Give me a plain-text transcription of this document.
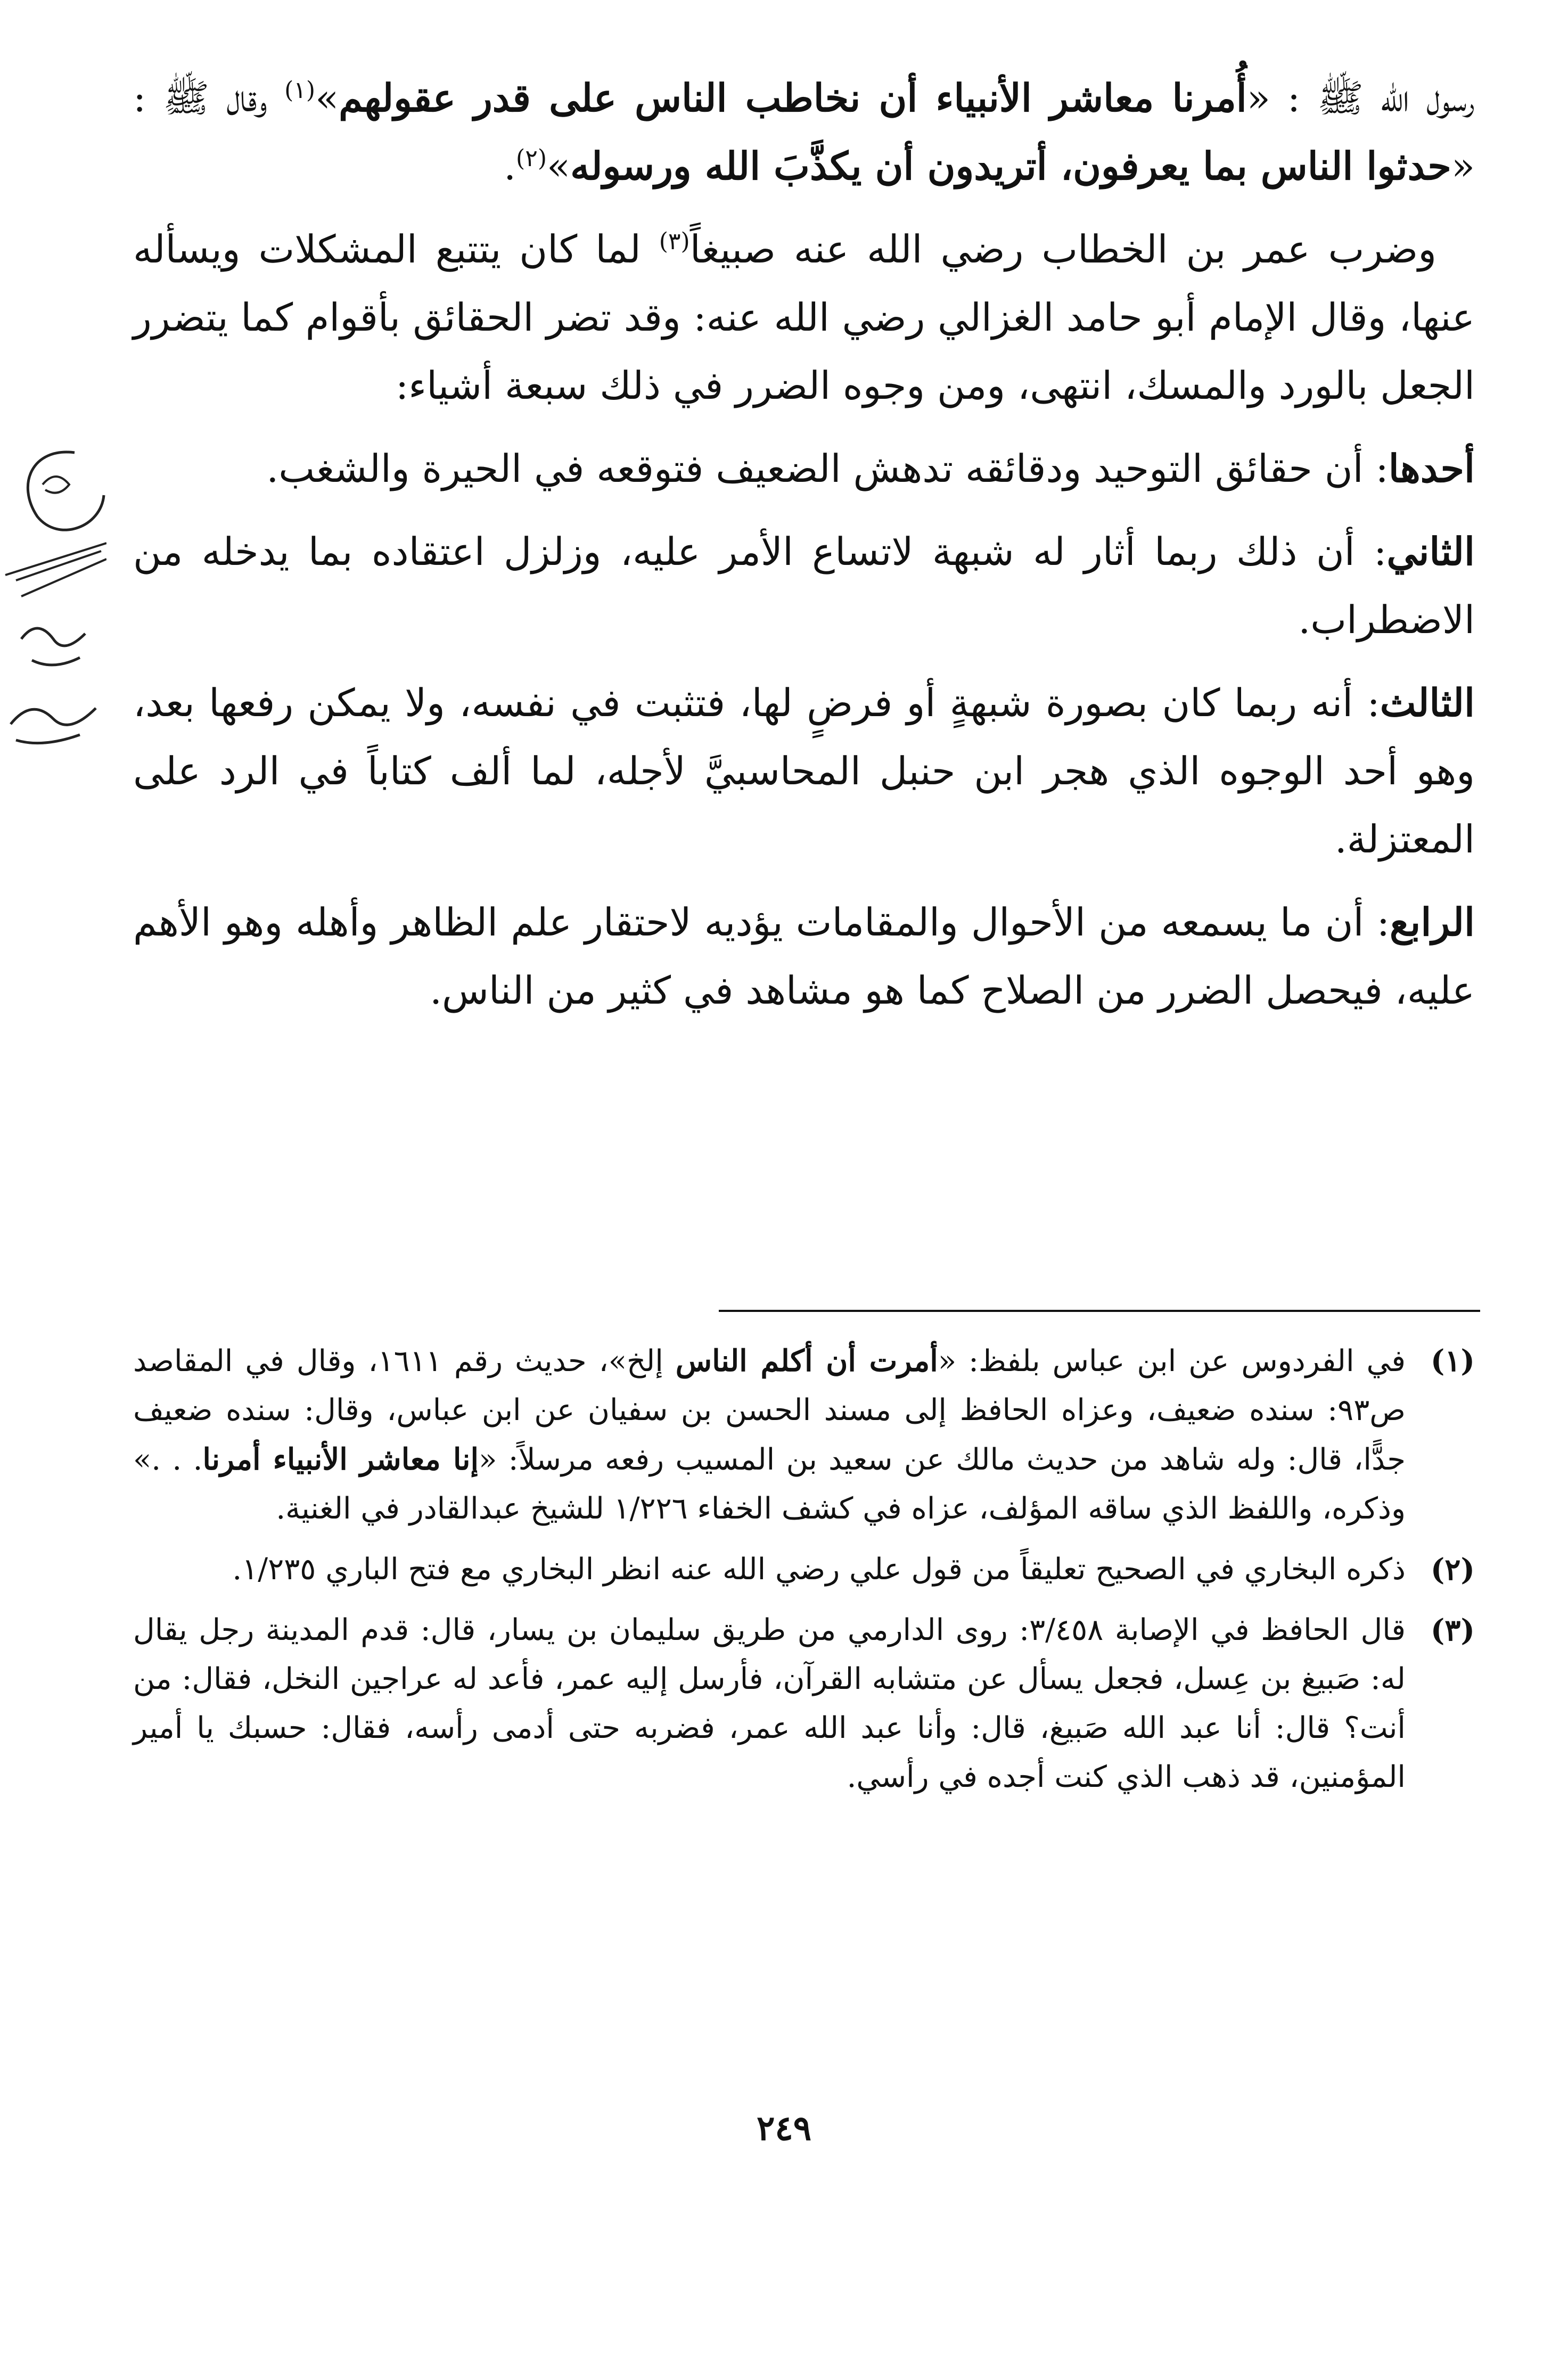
رسول الله ﷺ : «أُمرنا معاشر الأنبياء أن نخاطب الناس على قدر عقولهم»$^{(١)}$ وقال ﷺ : «حدثوا الناس بما يعرفون، أتريدون أن يكذَّبَ الله ورسوله»$^{(٢)}$.

 وضرب عمر بن الخطاب رضي الله عنه صبيغاً$^{(٣)}$ لما كان يتتبع المشكلات ويسأله عنها، وقال الإمام أبو حامد الغزالي رضي الله عنه: وقد تضر الحقائق بأقوام كما يتضرر الجعل بالورد والمسك، انتهى، ومن وجوه الضرر في ذلك سبعة أشياء:

أحدها: أن حقائق التوحيد ودقائقه تدهش الضعيف فتوقعه في الحيرة والشغب.

الثاني: أن ذلك ربما أثار له شبهة لاتساع الأمر عليه، وزلزل اعتقاده بما يدخله من الاضطراب.

الثالث: أنه ربما كان بصورة شبهةٍ أو فرضٍ لها، فتثبت في نفسه، ولا يمكن رفعها بعد، وهو أحد الوجوه الذي هجر ابن حنبل المحاسبيَّ لأجله، لما ألف كتاباً في الرد على المعتزلة.

الرابع: أن ما يسمعه من الأحوال والمقامات يؤديه لاحتقار علم الظاهر وأهله وهو الأهم عليه، فيحصل الضرر من الصلاح كما هو مشاهد في كثير من الناس.

(١)
في الفردوس عن ابن عباس بلفظ: «أمرت أن أكلم الناس إلخ»، حديث رقم ١٦١١، وقال في المقاصد ص٩٣: سنده ضعيف، وعزاه الحافظ إلى مسند الحسن بن سفيان عن ابن عباس، وقال: سنده ضعيف جدًّا، قال: وله شاهد من حديث مالك عن سعيد بن المسيب رفعه مرسلاً: «إنا معاشر الأنبياء أمرنا. . .» وذكره، واللفظ الذي ساقه المؤلف، عزاه في كشف الخفاء ١/٢٢٦ للشيخ عبدالقادر في الغنية.
(٢)
ذكره البخاري في الصحيح تعليقاً من قول علي رضي الله عنه انظر البخاري مع فتح الباري ١/٢٣٥.
(٣)
قال الحافظ في الإصابة ٣/٤٥٨: روى الدارمي من طريق سليمان بن يسار، قال: قدم المدينة رجل يقال له: صَبيغ بن عِسل، فجعل يسأل عن متشابه القرآن، فأرسل إليه عمر، فأعد له عراجين النخل، فقال: من أنت؟ قال: أنا عبد الله صَبيغ، قال: وأنا عبد الله عمر، فضربه حتى أدمى رأسه، فقال: حسبك يا أمير المؤمنين، قد ذهب الذي كنت أجده في رأسي.
٢٤٩
